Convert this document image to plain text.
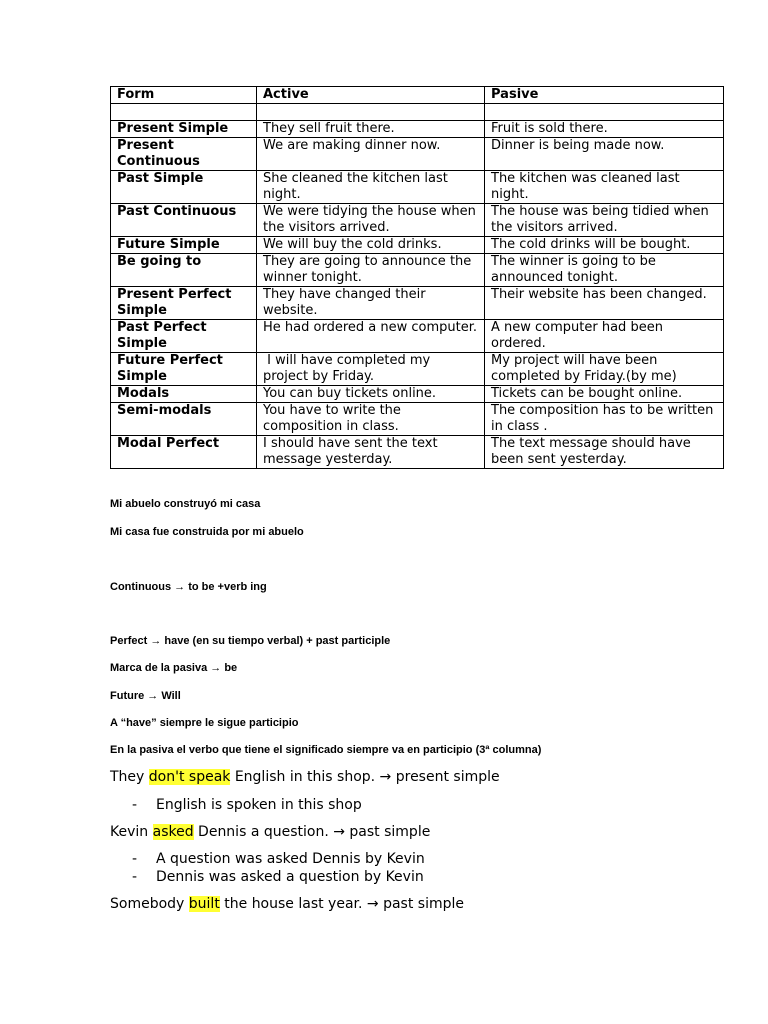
Form	Active	Pasive

Present Simple	They sell fruit there.	Fruit is sold there.
Present Continuous	We are making dinner now.	Dinner is being made now.
Past Simple	She cleaned the kitchen last night.	The kitchen was cleaned last night.
Past Continuous	We were tidying the house when the visitors arrived.	The house was being tidied when the visitors arrived.
Future Simple	We will buy the cold drinks.	The cold drinks will be bought.
Be going to	They are going to announce the winner tonight.	The winner is going to be announced tonight.
Present Perfect Simple	They have changed their website.	Their website has been changed.
Past Perfect Simple	He had ordered a new computer.	A new computer had been ordered.
Future Perfect Simple	I will have completed my project by Friday.	My project will have been completed by Friday.(by me)
Modals	You can buy tickets online.	Tickets can be bought online.
Semi-modals	You have to write the composition in class.	The composition has to be written in class .
Modal Perfect	I should have sent the text message yesterday.	The text message should have been sent yesterday.
Mi abuelo construyó mi casa
Mi casa fue construida por mi abuelo
Continuous → to be +verb ing
Perfect → have (en su tiempo verbal) + past participle
Marca de la pasiva → be
Future → Will
A “have” siempre le sigue participio
En la pasiva el verbo que tiene el significado siempre va en participio (3ª columna)
They don't speak English in this shop. → present simple
- English is spoken in this shop
Kevin asked Dennis a question. → past simple
- A question was asked Dennis by Kevin
- Dennis was asked a question by Kevin
Somebody built the house last year. → past simple
